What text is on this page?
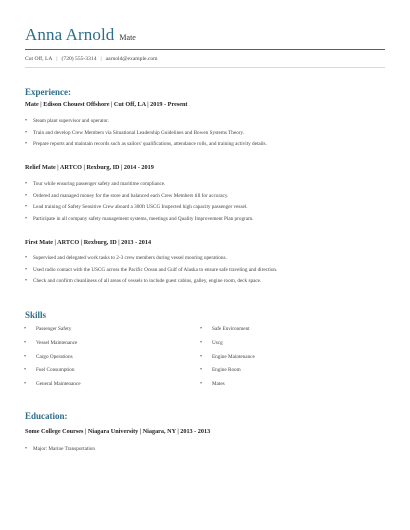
Anna Arnold Mate
Cut Off, LA | (720) 555-3314 | aarnold@example.com
Experience:
Mate | Edison Chouest Offshore | Cut Off, LA | 2019 - Present
• Steam plant supervisor and operator.
• Train and develop Crew Members via Situational Leadership Guidelines and Bowen Systems Theory.
• Prepare reports and maintain records such as sailors' qualifications, attendance rolls, and training activity details.
Relief Mate | ARTCO | Rexburg, ID | 2014 - 2019
• Tour while ensuring passenger safety and maritime compliance.
• Ordered and managed money for the store and balanced each Crew Members till for accuracy.
• Lead training of Safety Sensitive Crew aboard a 300ft USCG Inspected high capacity passenger vessel.
• Participate in all company safety management systems, meetings and Quality Improvement Plan program.
First Mate | ARTCO | Rexburg, ID | 2013 - 2014
• Supervised and delegated work tasks to 2-3 crew members during vessel mooring operations.
• Used radio contact with the USCG across the Pacific Ocean and Gulf of Alaska to ensure safe traveling and direction.
• Check and confirm cleanliness of all areas of vessels to include guest cabins, galley, engine room, deck space.
Skills
• Passenger Safety
• Vessel Maintenance
• Cargo Operations
• Fuel Consumption
• General Maintenance
• Safe Environment
• Uscg
• Engine Maintenance
• Engine Room
• Mates
Education:
Some College Courses | Niagara University | Niagara, NY | 2013 - 2013
• Major: Marine Transportation
